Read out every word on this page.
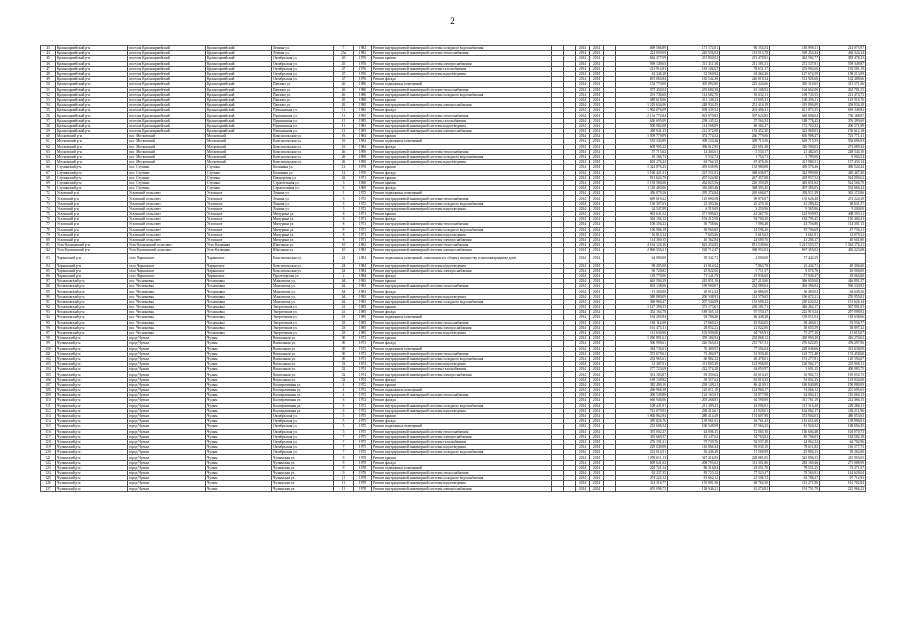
2
43	Красноармейский р-н	поселок Красноармейский	Красноармейский	Ленина ул.	7	1982	Ремонт внутридомовой инженерной системы холодного водоснабжения			2014	2014		609 566,89	171 172,01	86 154,54	183 999,11	214 073,97
44	Красноармейский р-н	поселок Красноармейский	Красноармейский	Ленина ул.	25а	1982	Ремонт внутридомовой инженерной системы теплоснабжения			2014	2014		224 059,09	245 536,02	115 513,78	569 254,44	436 324,14
45	Красноармейский р-н	поселок Красноармейский	Красноармейский	Октябрьская ул.	45	1976	Ремонт крыши			2014	2014		662 277,09	251 830,02	215 478,81	462 582,77	383 478,23
46	Красноармейский р-н	поселок Красноармейский	Красноармейский	Октябрьская ул.	45	1976	Ремонт внутридомовой инженерной системы электроснабжения			2014	2014		569 149,65	211 411,38	211 581,31	272 537,81	559 349,87
47	Красноармейский р-н	поселок Красноармейский	Красноармейский	Октябрьская ул.	47	1976	Ремонт внутридомовой инженерной системы газоснабжения			2014	2014		213 914,81	183 106,07	78 631,17	255 902,60	192 581,19
48	Красноармейский р-н	поселок Красноармейский	Красноармейский	Октябрьская ул.	47	1976	Ремонт внутридомовой инженерной системы водоотведения			2014	2014		42 346,28	32 560,92	63 464,26	127 674,59	158 213,09
49	Красноармейский р-н	поселок Красноармейский	Красноармейский	Октябрьская ул.	47	1976	Ремонт фасада			2014	2014		691 060,84	165 542,36	246 818,34	512 926,66	162 488,66
50	Красноармейский р-н	поселок Красноармейский	Красноармейский	Павлова ул.	26	1980	Ремонт подвальных помещений			2014	2014		152 770,00	305 892,80	225 424,66	395 310,65	313 571,06
51	Красноармейский р-н	поселок Красноармейский	Красноармейский	Павлова ул.	26	1980	Ремонт внутридомовой инженерной системы теплоснабжения			2014	2014		375 450,04	255 680,30	61 108,92	164 662,06	434 781,55
52	Красноармейский р-н	поселок Красноармейский	Красноармейский	Павлова ул.	26	1980	Ремонт внутридомовой инженерной системы холодного водоснабжения			2014	2014		291 740,60	114 682,76	93 632,11	169 745,55	213 474,73
53	Красноармейский р-н	поселок Красноармейский	Красноармейский	Павлова ул.	26	1980	Ремонт крыши			2014	2014		389 619,06	211 148,24	31 005,31	106 296,11	125 916,76
54	Красноармейский р-н	поселок Красноармейский	Красноармейский	Павлова ул.	26	1980	Ремонт внутридомовой инженерной системы электроснабжения			2014	2014		1 218 634,06	248 934,45	251 416,19	319 806,09	456 934,18
55	Красноармейский р-н	поселок Красноармейский	Красноармейский	Пушкинская ул.	11	1985	Ремонт фасада			2014	2014		1 962 076,09	509 339,54	201 406,31	611 873,35	639 349,82
56	Красноармейский р-н	поселок Красноармейский	Красноармейский	Пушкинская ул.	11	1985	Ремонт внутридомовой инженерной системы теплоснабжения			2014	2014		2 134 774,84	823 070,83	507 624,85	648 896,64	756 188,87
57	Красноармейский р-н	поселок Красноармейский	Красноармейский	Пушкинская ул.	11	1985	Ремонт внутридомовой инженерной системы газоснабжения			2014	2014		636 695,09	239 145,52	57 564,54	188 778,45	376 399,60
58	Красноармейский р-н	поселок Красноармейский	Красноармейский	Пушкинская ул.	11	1985	Ремонт внутридомовой инженерной системы водоотведения			2014	2014		506 982,08	114 568,89	86 502,27	172 702,33	206 571,99
59	Красноармейский р-н	поселок Красноармейский	Красноармейский	Пушкинская ул.	11	1985	Ремонт внутридомовой инженерной системы электроснабжения			2014	2014		369 941,13	212 572,08	153 452,30	322 968,03	156 612,18
60	Московский р-н	пос. Московский	Московский	Комсомольская ул.	16	1984	Ремонт крыши			2014	2014		1 509 779,09	474 774,52	266 779,66	630 998,47	725 771,41
61	Московский р-н	пос. Московский	Московский	Комсомольская ул.	16	1984	Ремонт подвальных помещений			2014	2014		535 344,89	308 124,46	309 713,56	649 715,55	556 096,93
62	Московский р-н	пос. Московский	Московский	Комсомольская ул.	16	1984	Ремонт фасада			2014	2014		609 905,22	396 612,95	225 601,48	320 580,03	273 089,44
63	Московский р-н	пос. Московский	Московский	Комсомольская ул.	26	1990	Ремонт внутридомовой инженерной системы теплоснабжения			2014	2014		57 715,62	14 404,61	5 534,17	21 482,65	228 544,16
64	Московский р-н	пос. Московский	Московский	Комсомольская ул.	26	1990	Ремонт внутридомовой инженерной системы холодного водоснабжения			2014	2014		18 186,73	5 532,74	1 754,71	3 789,00	9 904,54
65	Московский р-н	пос. Московский	Московский	Комсомольская ул.	26	1990	Ремонт внутридомовой инженерной системы водоотведения			2014	2014		602 276,23	63 764,35	67 476,36	211 986,51	137 433,14
66	Ступинский р-н	пос. Ступино	Ступино	Калинина ул.	12	1970	Ремонт крыши			2014	2014		1 324 876,23	295 638,96	135 980,88	439 576,46	496 524,44
67	Ступинский р-н	пос. Ступино	Ступино	Калинина ул.	12	1970	Ремонт фасада			2014	2014		1 166 421,31	227 151,81	368 636,97	342 999,00	440 467,40
68	Ступинский р-н	пос. Ступино	Ступино	Пионерская ул.	42	1971	Ремонт крыши			2014	2014		913 624,79	207 524,08	267 457,08	263 957,52	564 000,62
69	Ступинский р-н	пос. Ступино	Ступино	Строительная ул.	3	1968	Ремонт крыши			2014	2014		1 193 586,06	262 825,56	220 359,29	445 651,62	524 566,79
70	Ступинский р-н	пос. Ступино	Ступино	Строительная ул.	4	1969	Ремонт фасада			2014	2014		1 118 460,06	316 683,46	368 393,45	407 385,03	552 666,24
71	Угловский р-н	Угловский сельсовет	Угловское	Ленина ул.	1	1975	Ремонт подвальных помещений			2014	2014		456 079,26	295 274,84	265 666,07	392 911,29	362 172,86
72	Угловский р-н	Угловский сельсовет	Угловское	Ленина ул.	3	1972	Ремонт внутридомовой инженерной системы теплоснабжения			2014	2014		609 619,22	125 890,58	90 876,07	135 626,40	231 224,30
73	Угловский р-н	Угловский сельсовет	Угловское	Ленина ул.	3	1972	Ремонт внутридомовой инженерной системы холодного водоснабжения			2014	2014		136 397,63	23 393,26	25 270,10	41 289,42	60 631,57
74	Угловский р-н	Угловский сельсовет	Угловское	Ленина ул.	3	1972	Ремонт внутридомовой инженерной системы водоотведения			2014	2014		34 547,09	6 519,69	3 250,96	9 565,96	5 200,00
75	Угловский р-н	Угловский сельсовет	Угловское	Мичурина ул.	6	1971	Ремонт крыши			2014	2014		903 641,52	271 999,65	42 267,76	122 939,95	498 593,11
76	Угловский р-н	Угловский сельсовет	Угловское	Мичурина ул.	6	1971	Ремонт фасада			2014	2014		362 194,12	193 215,90	92 700,20	182 795,45	156 404,41
77	Угловский р-н	Угловский сельсовет	Угловское	Мичурина ул.	8	1971	Ремонт внутридомовой инженерной системы теплоснабжения			2014	2014		106 356,22	30 758,66	7 086,48	43 756,80	114 301,13
78	Угловский р-н	Угловский сельсовет	Угловское	Мичурина ул.	8	1971	Ремонт внутридомовой инженерной системы холодного водоснабжения			2014	2014		106 906,18	38 960,60	14 596,20	87 706,69	47 756,21
79	Угловский р-н	Угловский сельсовет	Угловское	Мичурина ул.	8	1971	Ремонт внутридомовой инженерной системы водоотведения			2014	2014		16 813,24	7 603,66	5 615,63	3 661,81	12 079,22
80	Угловский р-н	Угловский сельсовет	Угловское	Мичурина ул.	8	1971	Ремонт внутридомовой инженерной системы электроснабжения			2014	2014		114 369,15	40 362,84	23 589,76	41 286,17	40 601,80
81	Усть-Калманский р-н	Усть-Калманский сельсовет	Усть-Калманка	Школьная ул.	10	1982	Ремонт внутридомовой инженерной системы теплоснабжения			2014	2014		4 162 124,26	625 454,83	851 549,66	1 221 553,57	1 562 176,21
82	Усть-Калманский р-н	Усть-Калманский сельсовет	Усть-Калманка	Школьная ул.	10	1982	Ремонт внутридомовой инженерной системы электроснабжения			2014	2014		2 866 556,21	528 712,47	368 952,03	667 365,02	436 223,68
83	Чарышский р-н	село Чарышское	Чарышское	Комсомольская ул.	24	1984	Ремонт подвальных помещений, относящихся к общему имуществу в многоквартирном доме			2014	2014		64 000,00	39 342,72	4 000,00	57 442,29	
84	Чарышский р-н	село Чарышское	Чарышское	Комсомольская ул.	24	1984	Ремонт внутридомовой инженерной системы водоотведения			2014	2014		98 205,00	21 814,64	7 863,78	23 444,71	40 406,60
85	Чарышский р-н	село Чарышское	Чарышское	Комсомольская ул.	24	1984	Ремонт внутридомовой инженерной системы электроснабжения			2014	2014		56 720,82	25 922,00	5 711,37	9 075,70	20 900,00
86	Чарышский р-н	село Чарышское	Чарышское	Пролетарская ул.	2	1984	Ремонт фасада			2014	2014		118 779,00	71 141,79	15 936,60	57 940,47	49 063,60
87	Чесноковский р-н	пос. Чесноковка	Чесноковка	Мамонтова ул.	64	1983	Ремонт крыши			2014	2014		663 594,39	245 951,10	227 213,66	366 659,60	446 801,57
88	Чесноковский р-н	пос. Чесноковка	Чесноковка	Мамонтова ул.	64	1983	Ремонт внутридомовой инженерной системы теплоснабжения			2014	2014		835 138,06	198 900,87	234 089,04	492 386,94	596 330,93
89	Чесноковский р-н	пос. Чесноковка	Чесноковка	Мамонтова ул.	64	1983	Ремонт фасада			2014	2014		13 300,00	20 012,22	26 886,09	36 469,04	64 649,26
90	Чесноковский р-н	пос. Чесноковка	Чесноковка	Мамонтова ул.	64	1983	Ремонт внутридомовой инженерной системы водоотведения			2014	2014		588 880,09	200 348,91	114 579,65	196 672,21	276 955,02
91	Чесноковский р-н	пос. Чесноковка	Чесноковка	Мамонтова ул.	64	1983	Ремонт внутридомовой инженерной системы холодного водоснабжения			2014	2014		360 960,47	207 544,89	153 698,42	230 624,52	151 626,14
92	Чесноковский р-н	пос. Чесноковка	Чесноковка	Энергетиков ул.	41	1985	Ремонт крыши			2014	2014		1 127 390,53	373 173,61	230 181,71	446 262,17	567 991,05
93	Чесноковский р-н	пос. Чесноковка	Чесноковка	Энергетиков ул.	41	1985	Ремонт фасада			2014	2014		352 164,79	188 565,14	97 550,37	222 919,24	297 098,92
94	Чесноковский р-н	пос. Чесноковка	Чесноковка	Энергетиков ул.	41	1985	Ремонт подвальных помещений			2014	2014		162 205,84	63 786,26	66 448,28	103 011,04	118 638,66
95	Чесноковский р-н	пос. Чесноковка	Чесноковка	Энергетиков ул.	43	1985	Ремонт внутридомовой инженерной системы теплоснабжения			2014	2014		182 112,68	27 060,21	25 944,05	69 404,61	91 556,77
96	Чесноковский р-н	пос. Чесноковка	Чесноковка	Энергетиков ул.	43	1985	Ремонт внутридомовой инженерной системы электроснабжения			2014	2014		161 475,31	20 052,21	21 022,06	39 653,59	38 897,22
97	Чесноковский р-н	пос. Чесноковка	Чесноковка	Энергетиков ул.	43	1985	Ремонт внутридомовой инженерной системы водоотведения			2014	2014		113 630,90	103 939,08	64 765,91	75 277,10	41 615,07
98	Чулымский р-н	город Чулым	Чулым	Вокзальная ул.	30	1973	Ремонт крыши			2014	2014		1 050 891,61	359 184,92	235 868,12	439 893,10	416 270,63
99	Чулымский р-н	город Чулым	Чулым	Вокзальная ул.	30	1973	Ремонт фасада			2014	2014		506 990,61	226 563,02	215 767,31	276 622,05	476 297,96
100	Чулымский р-н	город Чулым	Чулым	Вокзальная ул.	30	1973	Ремонт подвальных помещений			2014	2014		384 736,61	76 409,97	77 394,64	248 046,66	313 638,09
101	Чулымский р-н	город Чулым	Чулым	Вокзальная ул.	30	1973	Ремонт внутридомовой инженерной системы теплоснабжения			2014	2014		372 679,61	73 494,97	51 939,40	123 771,48	174 458,60
102	Чулымский р-н	город Чулым	Чулым	Вокзальная ул.	30	1973	Ремонт внутридомовой инженерной системы холодного водоснабжения			2014	2014		233 965,61	60 882,32	46 478,01	191 277,81	120 594,07
103	Чулымский р-н	город Чулым	Чулым	Вокзальная ул.	32	1974	Ремонт внутридомовой инженерной системы водоотведения			2014	2014		12 387,01	111 905,29	122 956,95	120 902,17	233 968,11
104	Чулымский р-н	город Чулым	Чулым	Вокзальная ул.	32	1974	Ремонт внутридомовой инженерной системы газоснабжения			2014	2014		277 723,69	222 574,28	62 050,97	5 691,15	400 983,75
105	Чулымский р-н	город Чулым	Чулым	Вокзальная ул.	32	1974	Ремонт внутридомовой инженерной системы электроснабжения			2014	2014		331 183,87	95 359,62	63 010,25	35 902,73	195 052,75
106	Чулымский р-н	город Чулым	Чулым	Вокзальная ул.	32	1974	Ремонт фасада			2014	2014		169 138,82	59 357,62	63 010,25	53 002,33	125 034,60
107	Чулымский р-н	город Чулым	Чулым	Кооперативная ул.	4	1972	Ремонт крыши			2014	2014		382 490,16	238 148,21	86 410,91	180 840,89	190 880,09
108	Чулымский р-н	город Чулым	Чулым	Кооперативная ул.	4	1972	Ремонт подвальных помещений			2014	2014		266 968,38	125 011,10	124 960,17	74 066,12	201 695,63
109	Чулымский р-н	город Чулым	Чулым	Кооперативная ул.	4	1972	Ремонт внутридомовой инженерной системы теплоснабжения			2014	2014		406 549,86	123 163,91	52 077,98	62 004,41	116 064,13
110	Чулымский р-н	город Чулым	Чулым	Кооперативная ул.	6	1972	Ремонт фасада			2014	2014		660 946,06	205 268,83	64 590,00	311 761,19	212 466,15
111	Чулымский р-н	город Чулым	Чулым	Кооперативная ул.	6	1972	Ремонт внутридомовой инженерной системы холодного водоснабжения			2014	2014		108 441,91	211 209,21	43 006,91	115 316,20	228 286,31
112	Чулымский р-н	город Чулым	Чулым	Кооперативная ул.	6	1972	Ремонт внутридомовой инженерной системы водоотведения			2014	2014		741 079,93	236 414,61	41 029,01	162 062,17	182 211,96
113	Чулымский р-н	город Чулым	Чулым	Октябрьская ул.	5	1975	Ремонт крыши			2014	2014		1 066 862,94	280 414,49	174 607,90	374 904,63	480 053,63
114	Чулымский р-н	город Чулым	Чулым	Октябрьская ул.	5	1975	Ремонт фасада			2014	2014		395 826,76	139 961,61	63 761,43	143 651,60	139 996,81
115	Чулымский р-н	город Чулым	Чулым	Октябрьская ул.	5	1975	Ремонт подвальных помещений			2014	2014		252 606,54	106 548,99	67 564,25	81 924,32	168 694,45
116	Чулымский р-н	город Чулым	Чулым	Октябрьская ул.	5	1975	Ремонт внутридомовой инженерной системы теплоснабжения			2014	2014		391 002,37	44 006,35	72 065,10	136 604,48	104 070,73
117	Чулымский р-н	город Чулым	Чулым	Октябрьская ул.	7	1975	Ремонт внутридомовой инженерной системы электроснабжения			2014	2014		335 669,57	45 147,62	54 763,82	85 706,03	182 582,18
118	Чулымский р-н	город Чулым	Чулым	Октябрьская ул.	7	1975	Ремонт внутридомовой инженерной системы газоснабжения			2014	2014		276 191,21	75 739,76	52 537,49	24 062,52	62 702,96
119	Чулымский р-н	город Чулым	Чулым	Октябрьская ул.	7	1975	Ремонт внутридомовой инженерной системы водоотведения			2014	2014		229 049,08	110 066,34	93 030,10	78 611,82	116 577,73
120	Чулымский р-н	город Чулым	Чулым	Октябрьская ул.	7	1975	Ремонт внутридомовой инженерной системы холодного водоснабжения			2014	2014		212 614,51	36 446,28	11 506,99	25 804,13	39 262,60
121	Чулымский р-н	город Чулым	Чулым	Чулымская ул.	9	1978	Ремонт крыши			2014	2014		1 059 611,13	347 216,85	228 081,05	342 896,33	415 903,65
122	Чулымский р-н	город Чулым	Чулым	Чулымская ул.	9	1978	Ремонт фасада			2014	2014		609 641,62	208 793,02	111 301,86	283 160,46	271 088,99
123	Чулымский р-н	город Чулым	Чулым	Чулымская ул.	9	1978	Ремонт подвальных помещений			2014	2014		202 721,14	86 316,04	23 251,70	78 551,25	72 271,07
124	Чулымский р-н	город Чулым	Чулым	Чулымская ул.	9	1978	Ремонт внутридомовой инженерной системы теплоснабжения			2014	2014		92 237,35	85 723,12	77 523,17	79 564,01	144 620,04
125	Чулымский р-н	город Чулым	Чулым	Чулымская ул.	11	1978	Ремонт внутридомовой инженерной системы холодного водоснабжения			2014	2014		274 222,12	81 662,12	21 506,72	62 786,27	97 712,93
126	Чулымский р-н	город Чулым	Чулым	Чулымская ул.	11	1978	Ремонт внутридомовой инженерной системы водоотведения			2014	2014		314 316,77	155 981,58	60 764,30	113 271,96	161 702,84
127	Чулымский р-н	город Чулым	Чулым	Чулымская ул.	11	1978	Ремонт внутридомовой инженерной системы электроснабжения			2014	2014		655 096,73	128 946,21	61 274,81	191 751,79	223 966,22
